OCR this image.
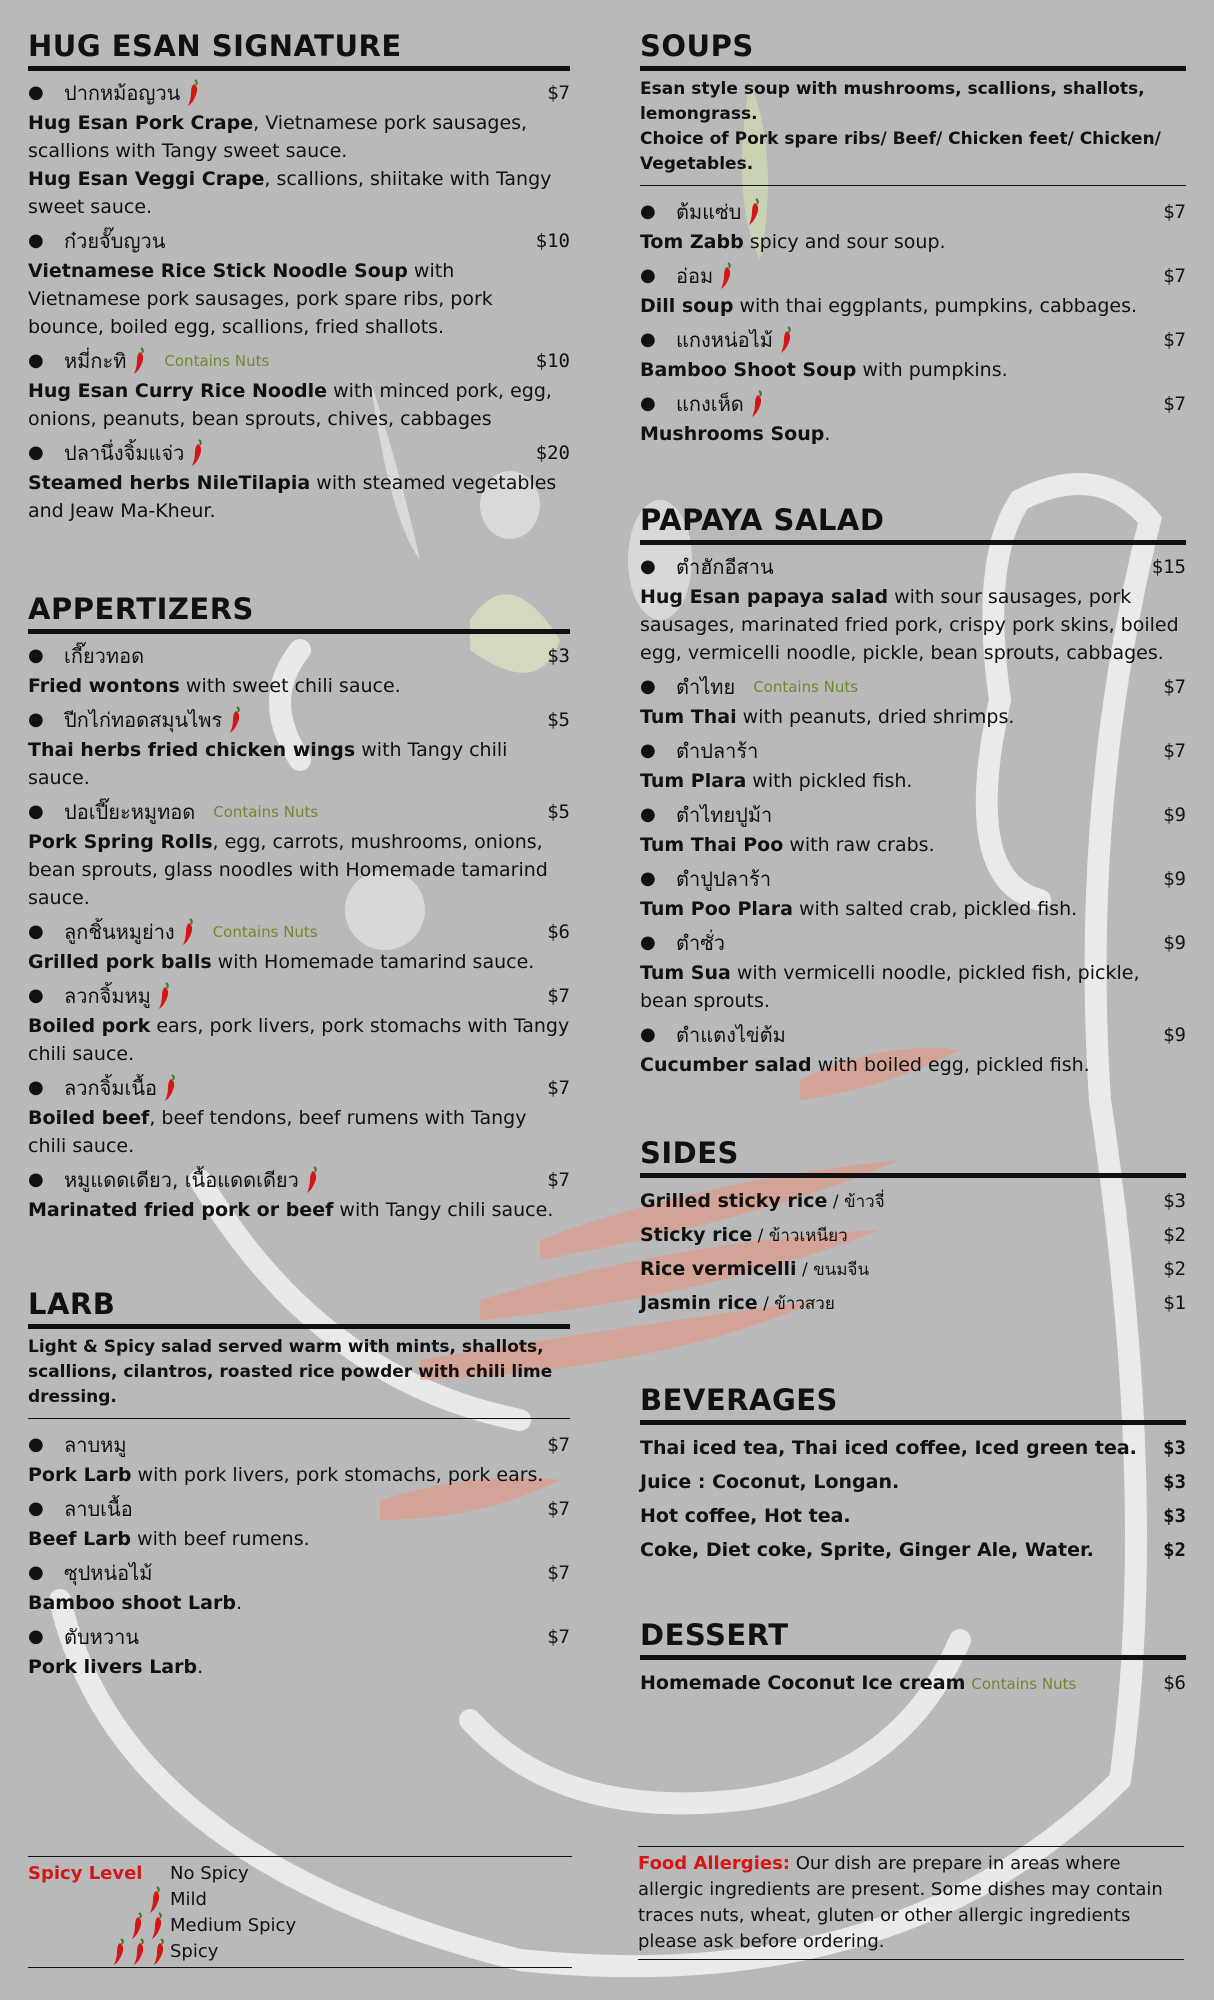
HUG ESAN SIGNATURE
●	ปากหม้อญวน	$7
Hug Esan Pork Crape, Vietnamese pork sausages, scallions with Tangy sweet sauce.
Hug Esan Veggi Crape, scallions, shiitake with Tangy sweet sauce.
●	ก๋วยจั๊บญวน	$10
Vietnamese Rice Stick Noodle Soup with Vietnamese pork sausages, pork spare ribs, pork bounce, boiled egg, scallions, fried shallots.
●	หมี่กะทิ	Contains Nuts	$10
Hug Esan Curry Rice Noodle with minced pork, egg, onions, peanuts, bean sprouts, chives, cabbages
●	ปลานึ่งจิ้มแจ่ว	$20
Steamed herbs NileTilapia with steamed vegetables and Jeaw Ma-Kheur.
APPERTIZERS
●	เกี๊ยวทอด	$3
Fried wontons with sweet chili sauce.
●	ปีกไก่ทอดสมุนไพร	$5
Thai herbs fried chicken wings with Tangy chili sauce.
●	ปอเปี๊ยะหมูทอด Contains Nuts	$5
Pork Spring Rolls, egg, carrots, mushrooms, onions, bean sprouts, glass noodles with Homemade tamarind sauce.
●	ลูกชิ้นหมูย่าง	Contains Nuts	$6
Grilled pork balls with Homemade tamarind sauce.
●	ลวกจิ้มหมู	$7
Boiled pork ears, pork livers, pork stomachs with Tangy chili sauce.
●	ลวกจิ้มเนื้อ	$7
Boiled beef, beef tendons, beef rumens with Tangy chili sauce.
●	หมูแดดเดียว, เนื้อแดดเดียว	$7
Marinated fried pork or beef with Tangy chili sauce.
LARB
Light & Spicy salad served warm with mints, shallots, scallions, cilantros, roasted rice powder with chili lime dressing.
●	ลาบหมู	$7
Pork Larb with pork livers, pork stomachs, pork ears.
●	ลาบเนื้อ	$7
Beef Larb with beef rumens.
●	ซุปหน่อไม้	$7
Bamboo shoot Larb.
●	ตับหวาน	$7
Pork livers Larb.
Spicy Level No Spicy
Mild
Medium Spicy
Spicy
SOUPS
Esan style soup with mushrooms, scallions, shallots, lemongrass.
Choice of Pork spare ribs/ Beef/ Chicken feet/ Chicken/ Vegetables.
●	ต้มแซ่บ	$7
Tom Zabb spicy and sour soup.
●	อ่อม	$7
Dill soup with thai eggplants, pumpkins, cabbages.
●	แกงหน่อไม้	$7
Bamboo Shoot Soup with pumpkins.
●	แกงเห็ด	$7
Mushrooms Soup.
PAPAYA SALAD
●	ตำฮักอีสาน	$15
Hug Esan papaya salad with sour sausages, pork sausages, marinated fried pork, crispy pork skins, boiled egg, vermicelli noodle, pickle, bean sprouts, cabbages.
●	ตำไทย Contains Nuts	$7
Tum Thai with peanuts, dried shrimps.
●	ตำปลาร้า	$7
Tum Plara with pickled fish.
●	ตำไทยปูม้า	$9
Tum Thai Poo with raw crabs.
●	ตำปูปลาร้า	$9
Tum Poo Plara with salted crab, pickled fish.
●	ตำซั่ว	$9
Tum Sua with vermicelli noodle, pickled fish, pickle, bean sprouts.
●	ตำแตงไข่ต้ม	$9
Cucumber salad with boiled egg, pickled fish.
SIDES
Grilled sticky rice / ข้าวจี่	$3
Sticky rice / ข้าวเหนียว	$2
Rice vermicelli / ขนมจีน	$2
Jasmin rice / ข้าวสวย	$1
BEVERAGES
Thai iced tea, Thai iced coffee, Iced green tea.	$3
Juice : Coconut, Longan.	$3
Hot coffee, Hot tea.	$3
Coke, Diet coke, Sprite, Ginger Ale, Water.	$2
DESSERT
Homemade Coconut Ice cream Contains Nuts	$6
Food Allergies: Our dish are prepare in areas where allergic ingredients are present. Some dishes may contain traces nuts, wheat, gluten or other allergic ingredients please ask before ordering.
